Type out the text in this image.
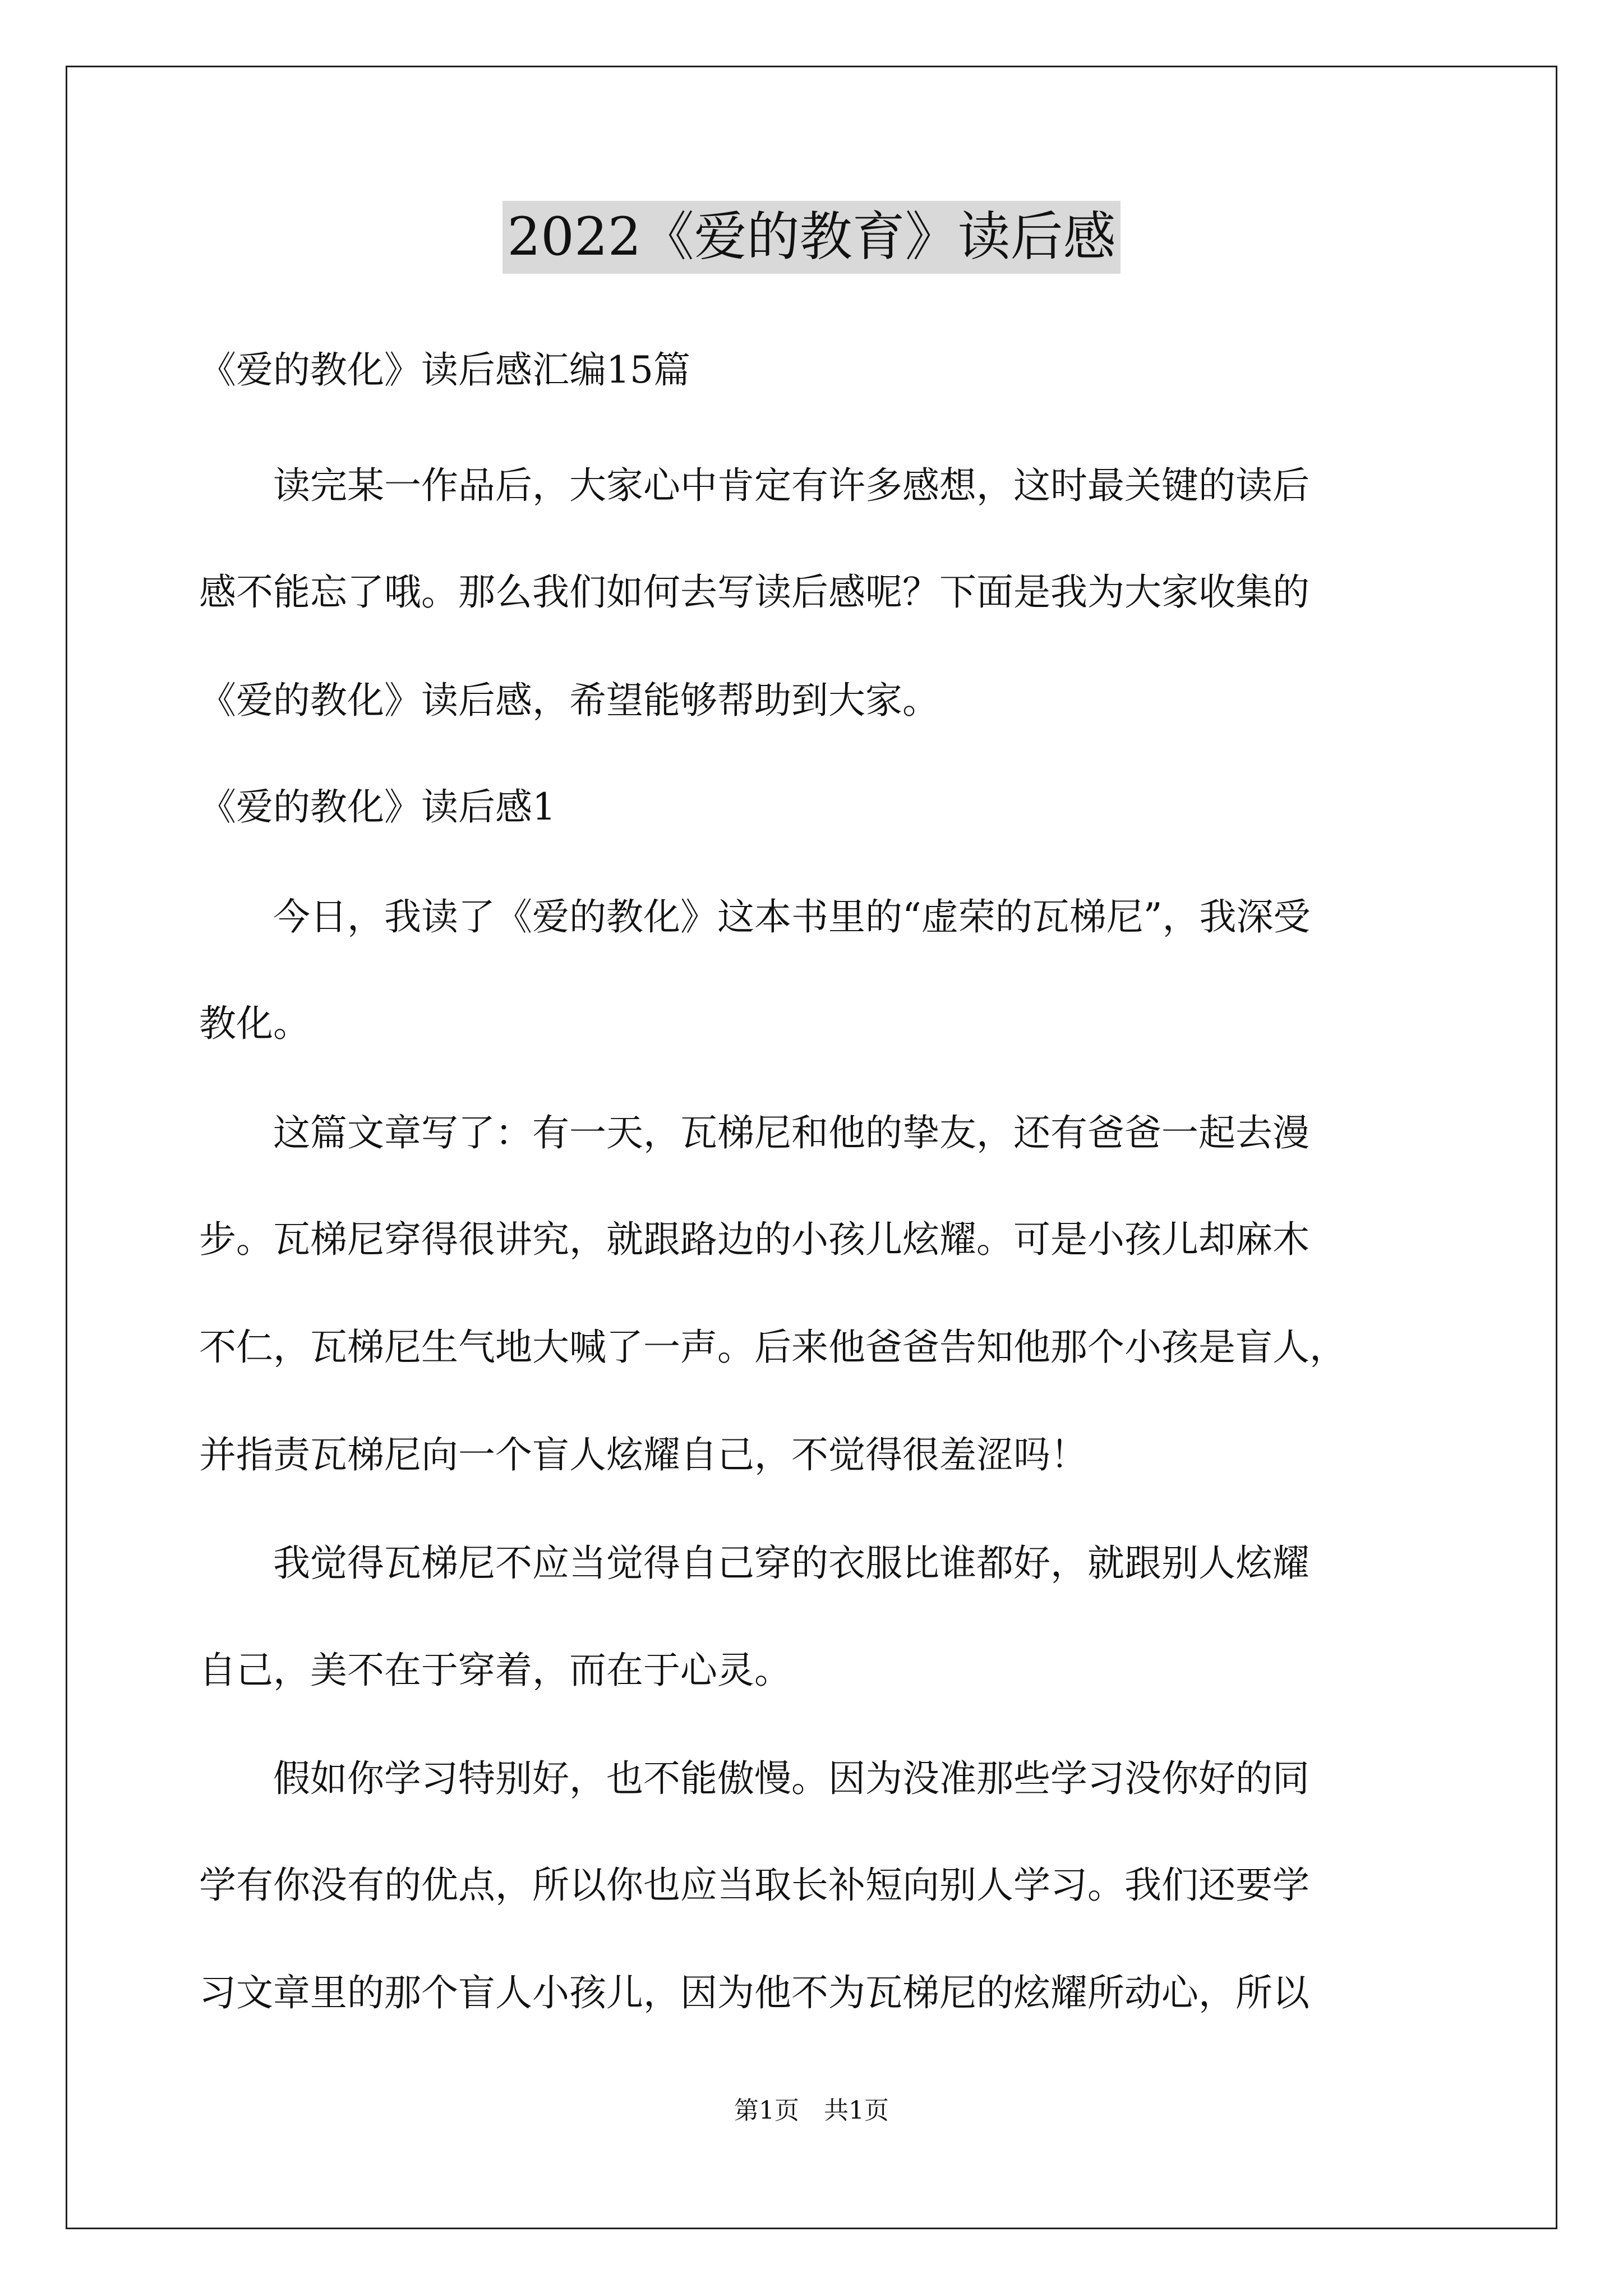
2022《爱的教育》读后感
《爱的教化》读后感汇编15篇
　　读完某一作品后，大家心中肯定有许多感想，这时最关键的读后
感不能忘了哦。那么我们如何去写读后感呢？下面是我为大家收集的
《爱的教化》读后感，希望能够帮助到大家。
《爱的教化》读后感1
　　今日，我读了《爱的教化》这本书里的“虚荣的瓦梯尼”，我深受
教化。
　　这篇文章写了：有一天，瓦梯尼和他的挚友，还有爸爸一起去漫
步。瓦梯尼穿得很讲究，就跟路边的小孩儿炫耀。可是小孩儿却麻木
不仁，瓦梯尼生气地大喊了一声。后来他爸爸告知他那个小孩是盲人，
并指责瓦梯尼向一个盲人炫耀自己，不觉得很羞涩吗！
　　我觉得瓦梯尼不应当觉得自己穿的衣服比谁都好，就跟别人炫耀
自己，美不在于穿着，而在于心灵。
　　假如你学习特别好，也不能傲慢。因为没准那些学习没你好的同
学有你没有的优点，所以你也应当取长补短向别人学习。我们还要学
习文章里的那个盲人小孩儿，因为他不为瓦梯尼的炫耀所动心，所以
第1页　共1页
